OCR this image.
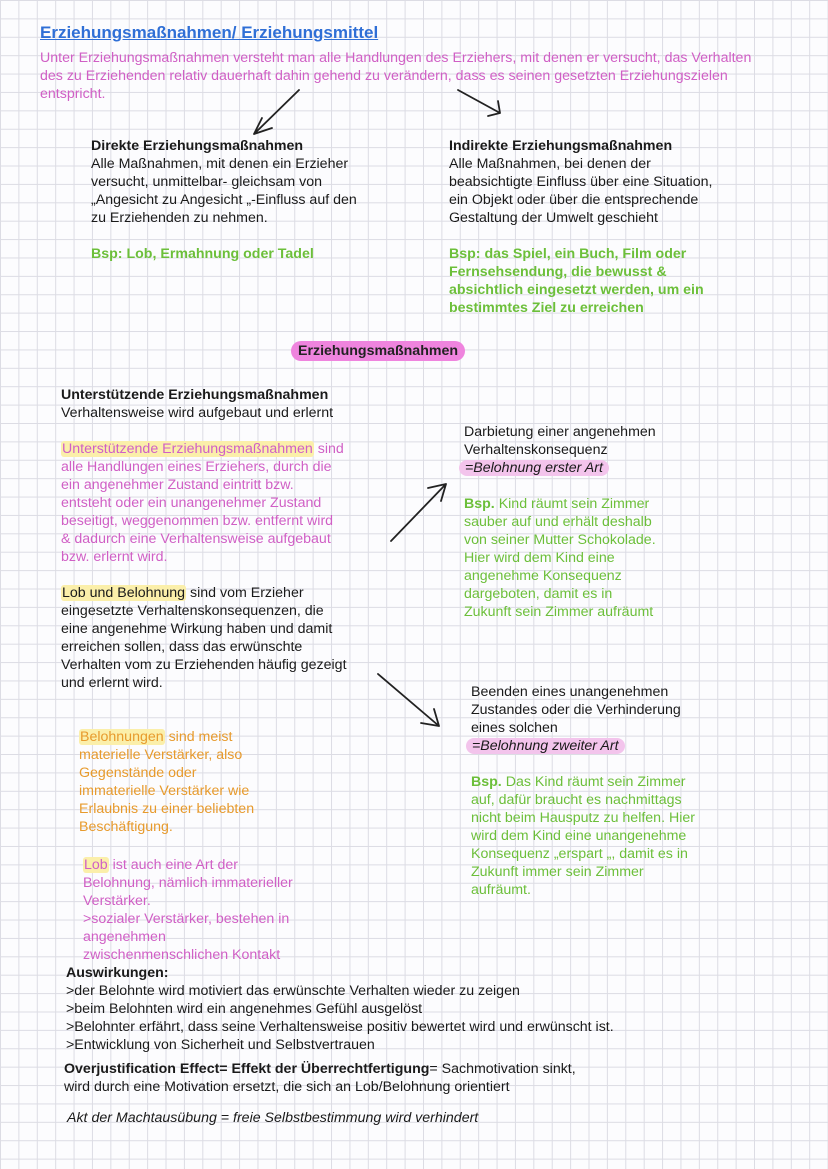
Erziehungsmaßnahmen/ Erziehungsmittel
Unter Erziehungsmaßnahmen versteht man alle Handlungen des Erziehers, mit denen er versucht, das Verhalten
des zu Erziehenden relativ dauerhaft dahin gehend zu verändern, dass es seinen gesetzten Erziehungszielen
entspricht.
Direkte Erziehungsmaßnahmen
Alle Maßnahmen, mit denen ein Erzieher
versucht, unmittelbar- gleichsam von
„Angesicht zu Angesicht „-Einfluss auf den
zu Erziehenden zu nehmen.
Bsp: Lob, Ermahnung oder Tadel
Indirekte Erziehungsmaßnahmen
Alle Maßnahmen, bei denen der
beabsichtigte Einfluss über eine Situation,
ein Objekt oder über die entsprechende
Gestaltung der Umwelt geschieht
Bsp: das Spiel, ein Buch, Film oder
Fernsehsendung, die bewusst &
absichtlich eingesetzt werden, um ein
bestimmtes Ziel zu erreichen
Erziehungsmaßnahmen
Unterstützende Erziehungsmaßnahmen
Verhaltensweise wird aufgebaut und erlernt
Unterstützende Erziehungsmaßnahmen sind
alle Handlungen eines Erziehers, durch die
ein angenehmer Zustand eintritt bzw.
entsteht oder ein unangenehmer Zustand
beseitigt, weggenommen bzw. entfernt wird
& dadurch eine Verhaltensweise aufgebaut
bzw. erlernt wird.
Lob und Belohnung sind vom Erzieher
eingesetzte Verhaltenskonsequenzen, die
eine angenehme Wirkung haben und damit
erreichen sollen, dass das erwünschte
Verhalten vom zu Erziehenden häufig gezeigt
und erlernt wird.
Belohnungen sind meist
materielle Verstärker, also
Gegenstände oder
immaterielle Verstärker wie
Erlaubnis zu einer beliebten
Beschäftigung.
Lob ist auch eine Art der
Belohnung, nämlich immaterieller
Verstärker.
>sozialer Verstärker, bestehen in
angenehmen
zwischenmenschlichen Kontakt
Darbietung einer angenehmen
Verhaltenskonsequenz
=Belohnung erster Art
Bsp. Kind räumt sein Zimmer
sauber auf und erhält deshalb
von seiner Mutter Schokolade.
Hier wird dem Kind eine
angenehme Konsequenz
dargeboten, damit es in
Zukunft sein Zimmer aufräumt
Beenden eines unangenehmen
Zustandes oder die Verhinderung
eines solchen
=Belohnung zweiter Art
Bsp. Das Kind räumt sein Zimmer
auf, dafür braucht es nachmittags
nicht beim Hausputz zu helfen. Hier
wird dem Kind eine unangenehme
Konsequenz „erspart „, damit es in
Zukunft immer sein Zimmer
aufräumt.
Auswirkungen:
>der Belohnte wird motiviert das erwünschte Verhalten wieder zu zeigen
>beim Belohnten wird ein angenehmes Gefühl ausgelöst
>Belohnter erfährt, dass seine Verhaltensweise positiv bewertet wird und erwünscht ist.
>Entwicklung von Sicherheit und Selbstvertrauen
Overjustification Effect= Effekt der Überrechtfertigung= Sachmotivation sinkt,
wird durch eine Motivation ersetzt, die sich an Lob/Belohnung orientiert
Akt der Machtausübung = freie Selbstbestimmung wird verhindert
